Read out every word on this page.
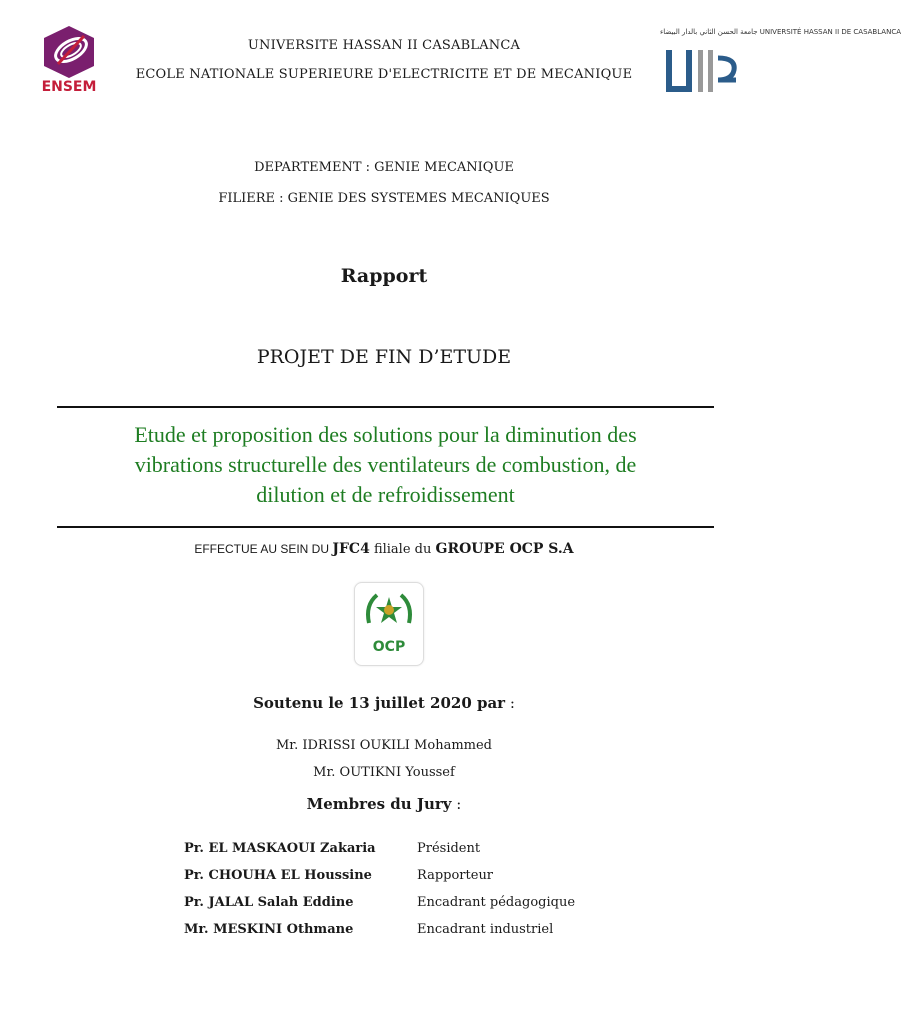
ENSEM
جامعة الحسن الثاني بالدار البيضاء UNIVERSITÉ HASSAN II DE CASABLANCA
UNIVERSITE HASSAN II CASABLANCA
ECOLE NATIONALE SUPERIEURE D'ELECTRICITE ET DE MECANIQUE
DEPARTEMENT : GENIE MECANIQUE
FILIERE : GENIE DES SYSTEMES MECANIQUES
Rapport
PROJET DE FIN D’ETUDE
Etude et proposition des solutions pour la diminution des
vibrations structurelle des ventilateurs de combustion, de
dilution et de refroidissement
EFFECTUE AU SEIN DU JFC4 filiale du GROUPE OCP S.A
OCP
Soutenu le 13 juillet 2020 par :
Mr. IDRISSI OUKILI Mohammed
Mr. OUTIKNI Youssef
Membres du Jury :
Pr. EL MASKAOUI Zakaria	Président
Pr. CHOUHA EL Houssine	Rapporteur
Pr. JALAL Salah Eddine	Encadrant pédagogique
Mr. MESKINI Othmane	Encadrant industriel
